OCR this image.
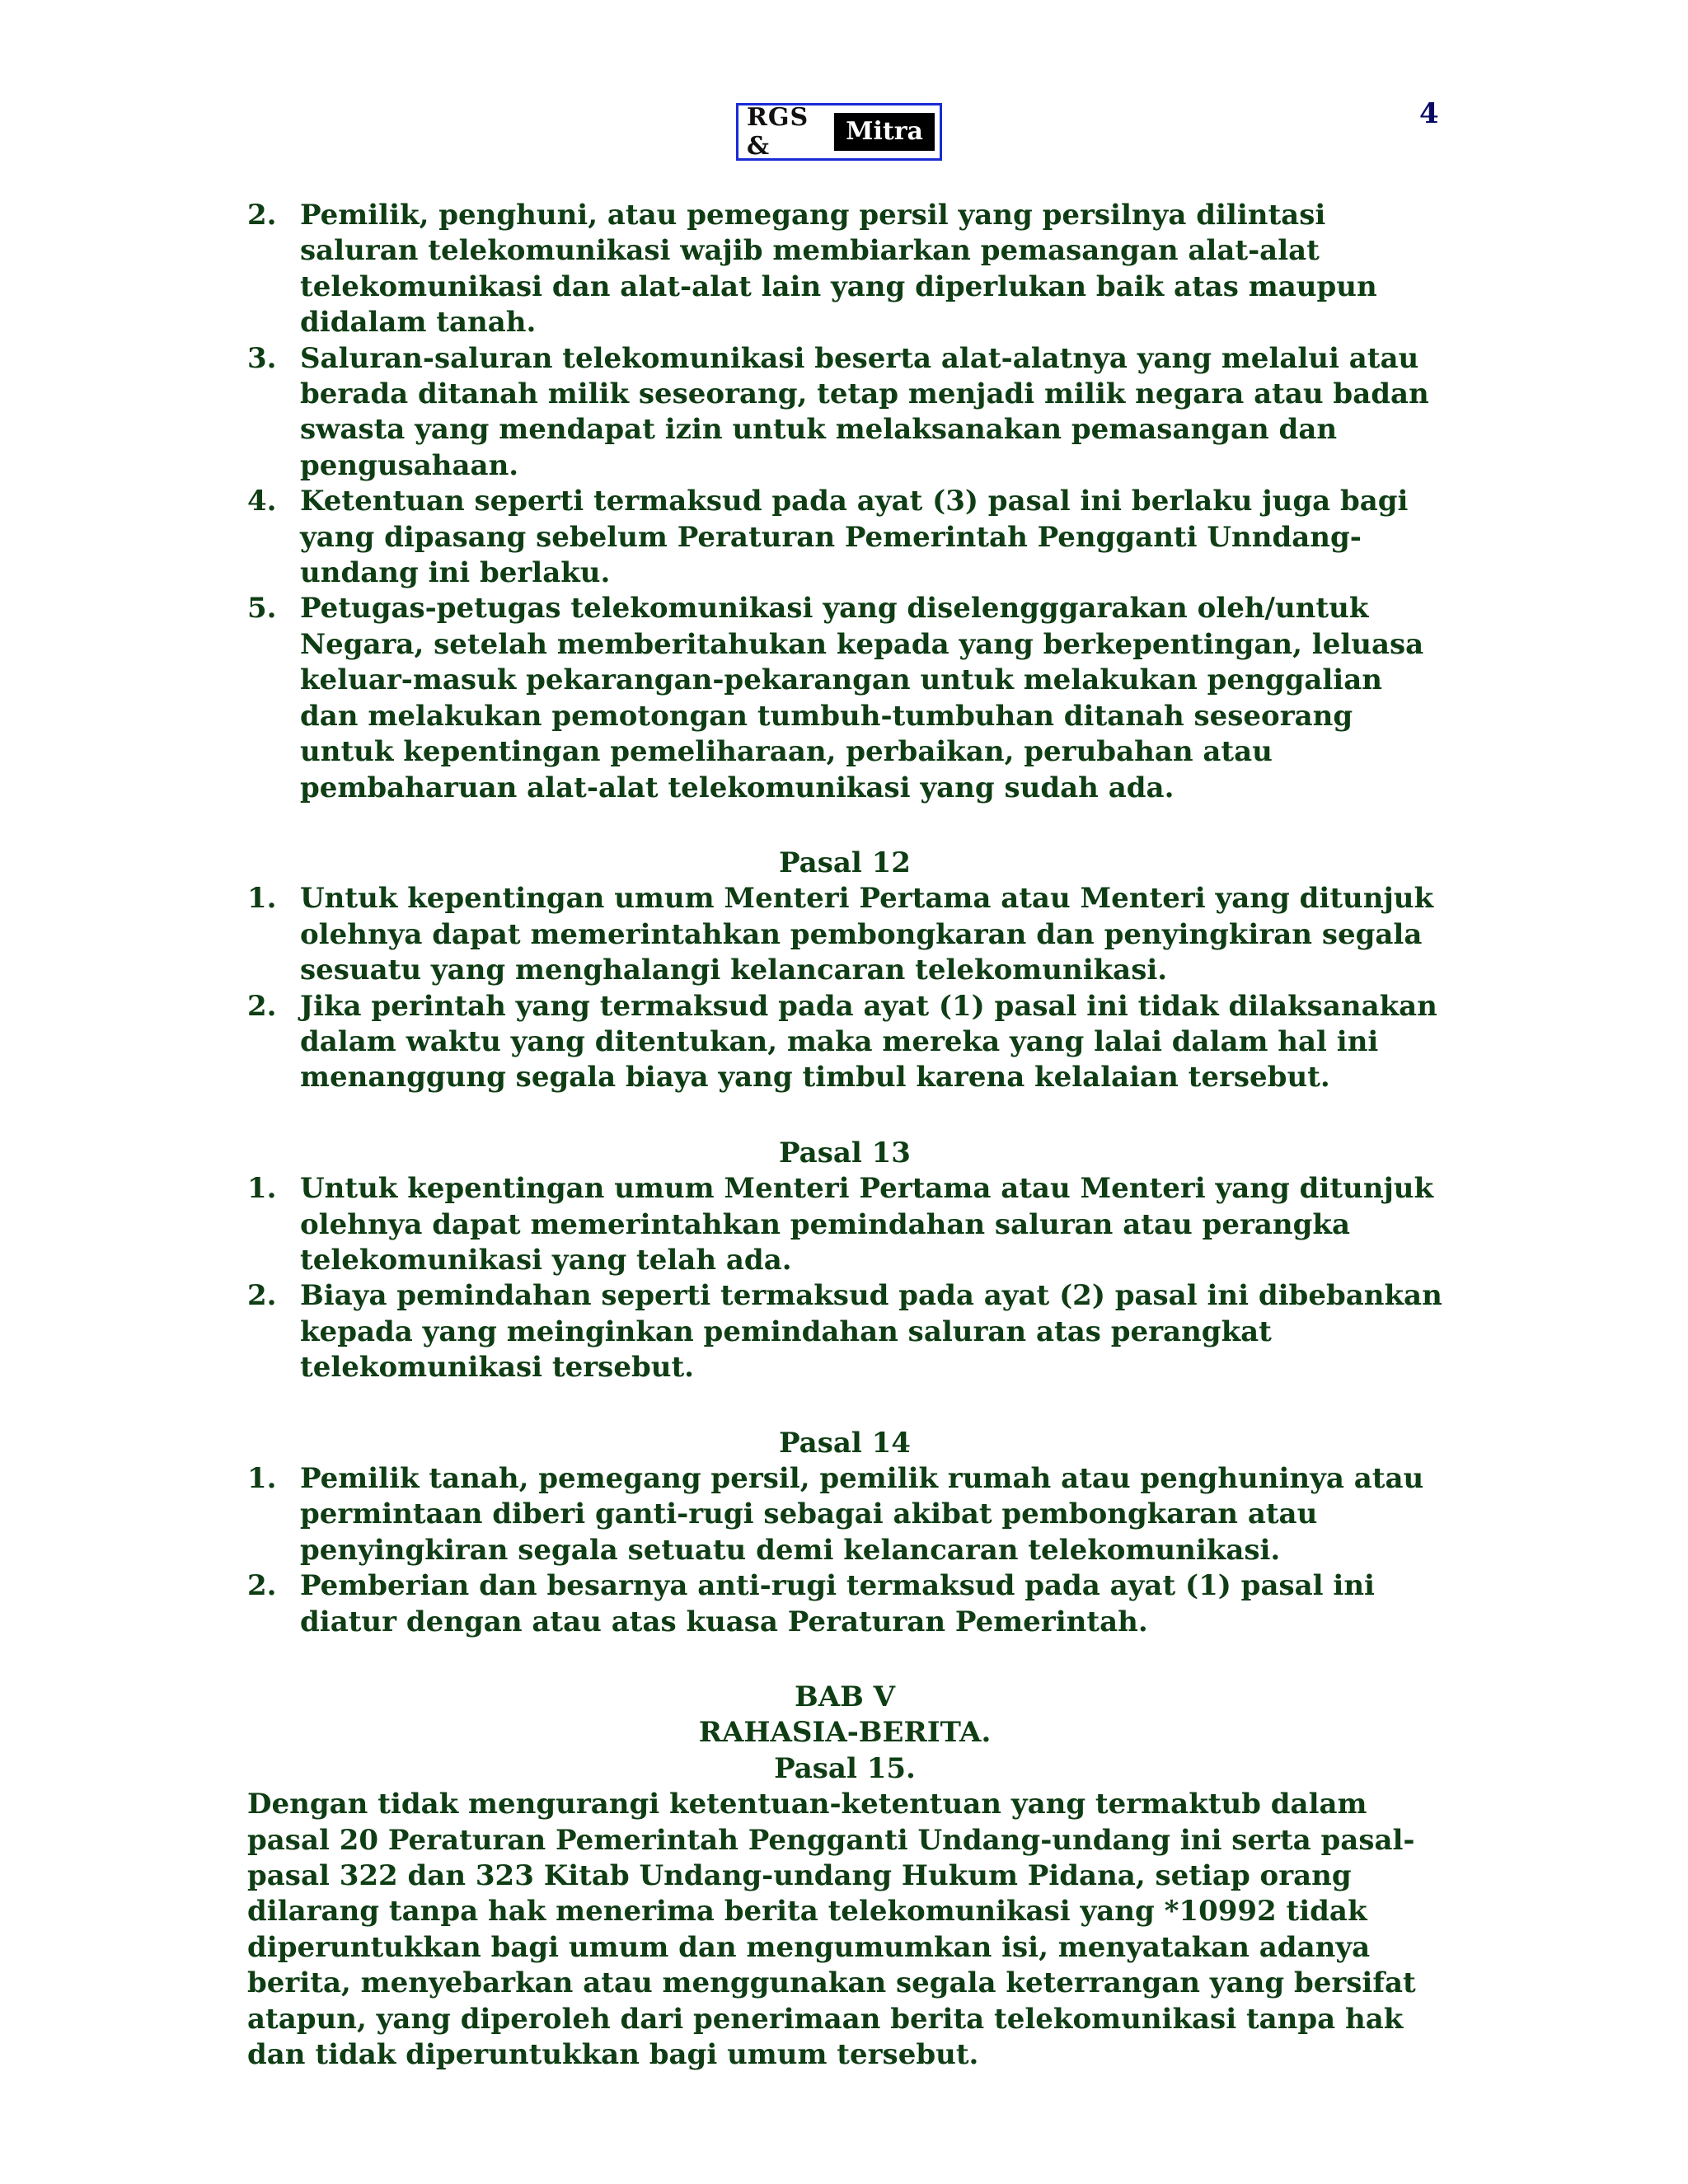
4
RGS &
Mitra
2. Pemilik, penghuni, atau pemegang persil yang persilnya dilintasi saluran telekomunikasi wajib membiarkan pemasangan alat-alat telekomunikasi dan alat-alat lain yang diperlukan baik atas maupun didalam tanah.
3. Saluran-saluran telekomunikasi beserta alat-alatnya yang melalui atau berada ditanah milik seseorang, tetap menjadi milik negara atau badan swasta yang mendapat izin untuk melaksanakan pemasangan dan pengusahaan.
4. Ketentuan seperti termaksud pada ayat (3) pasal ini berlaku juga bagi yang dipasang sebelum Peraturan Pemerintah Pengganti Unndang-undang ini berlaku.
5. Petugas-petugas telekomunikasi yang diselengggarakan oleh/untuk Negara, setelah memberitahukan kepada yang berkepentingan, leluasa keluar-masuk pekarangan-pekarangan untuk melakukan penggalian dan melakukan pemotongan tumbuh-tumbuhan ditanah seseorang untuk kepentingan pemeliharaan, perbaikan, perubahan atau pembaharuan alat-alat telekomunikasi yang sudah ada.
Pasal 12
1. Untuk kepentingan umum Menteri Pertama atau Menteri yang ditunjuk olehnya dapat memerintahkan pembongkaran dan penyingkiran segala sesuatu yang menghalangi kelancaran telekomunikasi.
2. Jika perintah yang termaksud pada ayat (1) pasal ini tidak dilaksanakan dalam waktu yang ditentukan, maka mereka yang lalai dalam hal ini menanggung segala biaya yang timbul karena kelalaian tersebut.
Pasal 13
1. Untuk kepentingan umum Menteri Pertama atau Menteri yang ditunjuk olehnya dapat memerintahkan pemindahan saluran atau perangka telekomunikasi yang telah ada.
2. Biaya pemindahan seperti termaksud pada ayat (2) pasal ini dibebankan kepada yang meinginkan pemindahan saluran atas perangkat telekomunikasi tersebut.
Pasal 14
1. Pemilik tanah, pemegang persil, pemilik rumah atau penghuninya atau permintaan diberi ganti-rugi sebagai akibat pembongkaran atau penyingkiran segala setuatu demi kelancaran telekomunikasi.
2. Pemberian dan besarnya anti-rugi termaksud pada ayat (1) pasal ini diatur dengan atau atas kuasa Peraturan Pemerintah.
BAB V
RAHASIA-BERITA.
Pasal 15.
Dengan tidak mengurangi ketentuan-ketentuan yang termaktub dalam pasal 20 Peraturan Pemerintah Pengganti Undang-undang ini serta pasal-pasal 322 dan 323 Kitab Undang-undang Hukum Pidana, setiap orang dilarang tanpa hak menerima berita telekomunikasi yang *10992 tidak diperuntukkan bagi umum dan mengumumkan isi, menyatakan adanya berita, menyebarkan atau menggunakan segala keterrangan yang bersifat atapun, yang diperoleh dari penerimaan berita telekomunikasi tanpa hak dan tidak diperuntukkan bagi umum tersebut.
